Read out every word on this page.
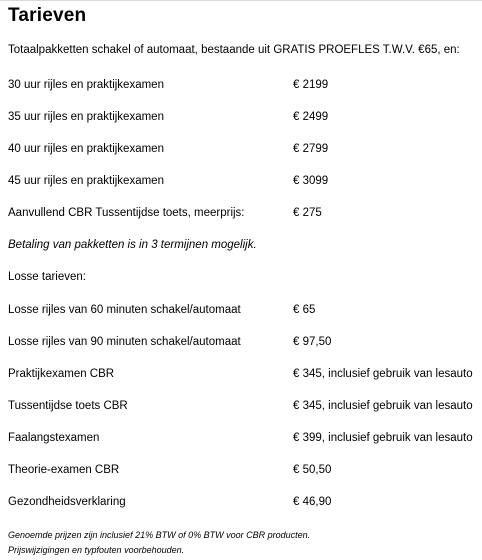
Tarieven
Totaalpakketten schakel of automaat, bestaande uit GRATIS PROEFLES T.W.V. €65, en:
30 uur rijles en praktijkexamen	€ 2199
35 uur rijles en praktijkexamen	€ 2499
40 uur rijles en praktijkexamen	€ 2799
45 uur rijles en praktijkexamen	€ 3099
Aanvullend CBR Tussentijdse toets, meerprijs:	€ 275
Betaling van pakketten is in 3 termijnen mogelijk.
Losse tarieven:
Losse rijles van 60 minuten schakel/automaat	€ 65
Losse rijles van 90 minuten schakel/automaat	€ 97,50
Praktijkexamen CBR	€ 345, inclusief gebruik van lesauto
Tussentijdse toets CBR	€ 345, inclusief gebruik van lesauto
Faalangstexamen	€ 399, inclusief gebruik van lesauto
Theorie-examen CBR	€ 50,50
Gezondheidsverklaring	€ 46,90
Genoemde prijzen zijn inclusief 21% BTW of 0% BTW voor CBR producten.
Prijswijzigingen en typfouten voorbehouden.
